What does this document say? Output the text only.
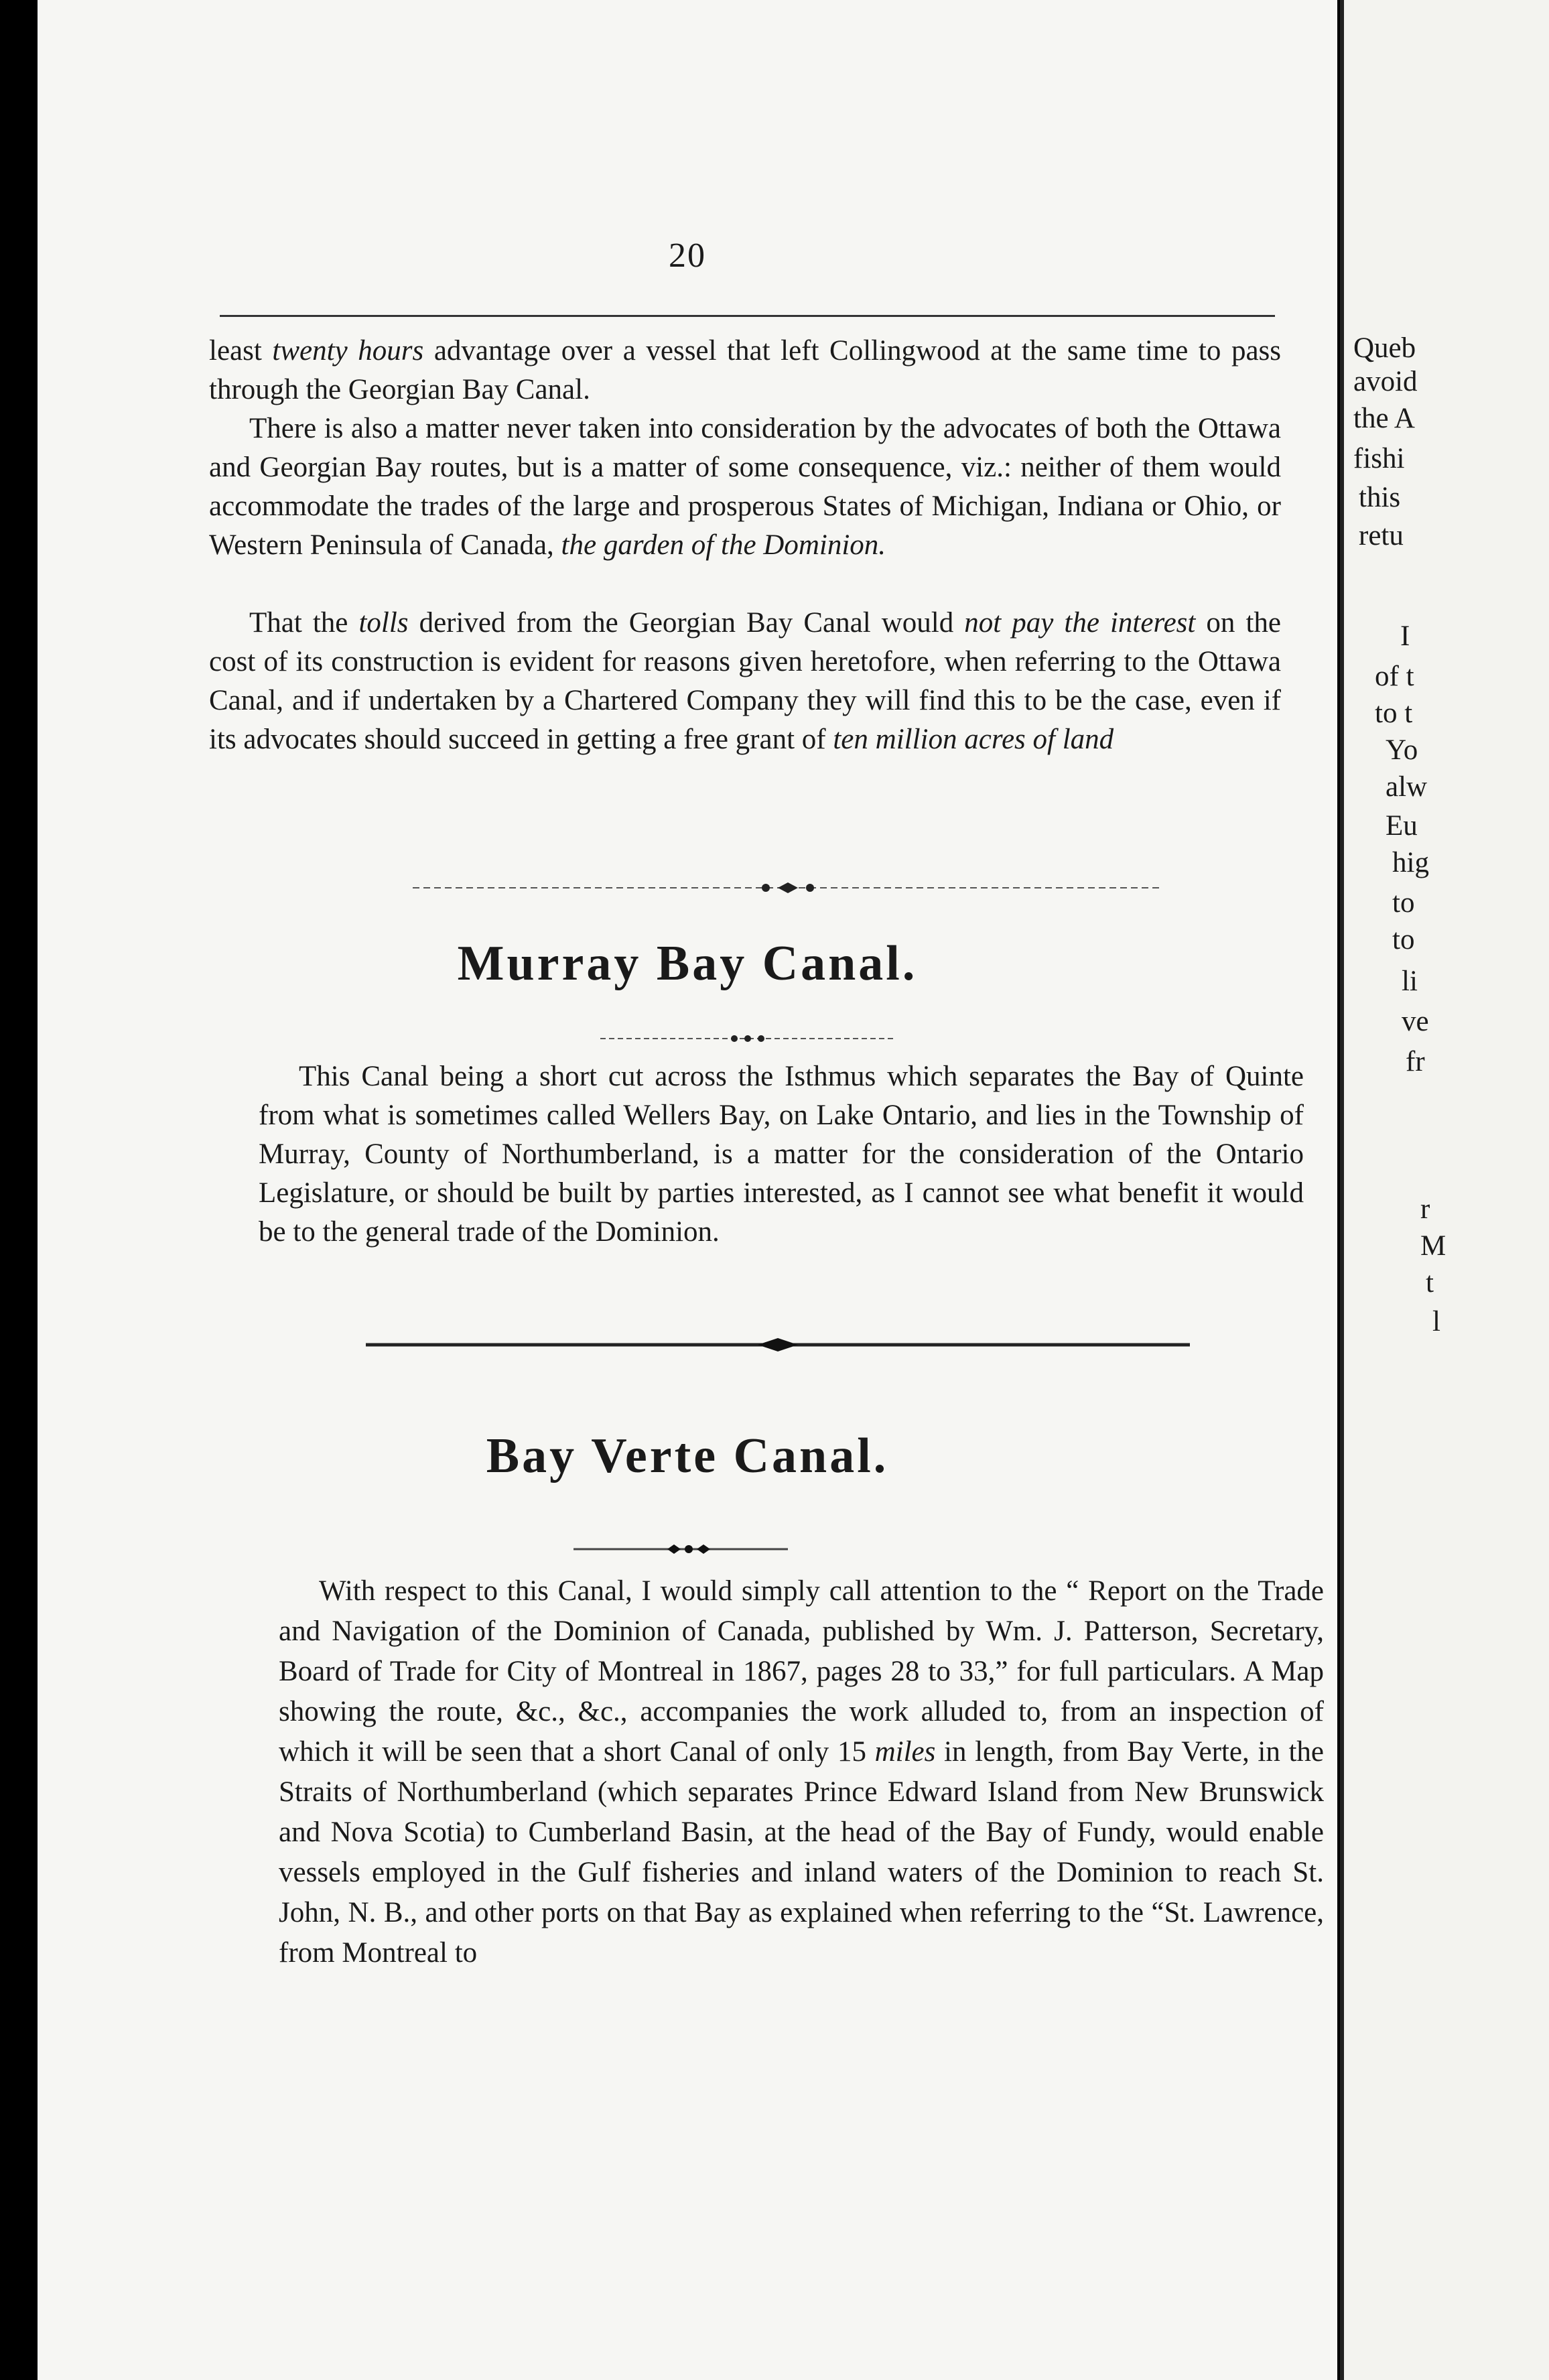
20

least twenty hours advantage over a vessel that left Collingwood at the same time to pass through the Georgian Bay Canal.

There is also a matter never taken into consideration by the advocates of both the Ottawa and Georgian Bay routes, but is a matter of some consequence, viz.: neither of them would accommodate the trades of the large and prosperous States of Michigan, Indiana or Ohio, or Western Peninsula of Canada, the garden of the Dominion.

That the tolls derived from the Georgian Bay Canal would not pay the interest on the cost of its construction is evident for reasons given heretofore, when referring to the Ottawa Canal, and if undertaken by a Chartered Company they will find this to be the case, even if its advocates should succeed in getting a free grant of ten million acres of land

Murray Bay Canal.

This Canal being a short cut across the Isthmus which separates the Bay of Quinte from what is sometimes called Wellers Bay, on Lake Ontario, and lies in the Township of Murray, County of Northumberland, is a matter for the consideration of the Ontario Legislature, or should be built by parties interested, as I cannot see what benefit it would be to the general trade of the Dominion.

Bay Verte Canal.

With respect to this Canal, I would simply call attention to the “ Report on the Trade and Navigation of the Dominion of Canada, published by Wm. J. Patterson, Secretary, Board of Trade for City of Montreal in 1867, pages 28 to 33,” for full particulars. A Map showing the route, &c., &c., accompanies the work alluded to, from an inspection of which it will be seen that a short Canal of only 15 miles in length, from Bay Verte, in the Straits of Northumberland (which separates Prince Edward Island from New Brunswick and Nova Scotia) to Cumberland Basin, at the head of the Bay of Fundy, would enable vessels employed in the Gulf fisheries and inland waters of the Dominion to reach St. John, N. B., and other ports on that Bay as explained when referring to the “St. Lawrence, from Montreal to

Queb
avoid
the A
fishi
this
retu
I
of t
to t
Yo
alw
Eu
hig
to
to
li
ve
fr
r
M
t
l
